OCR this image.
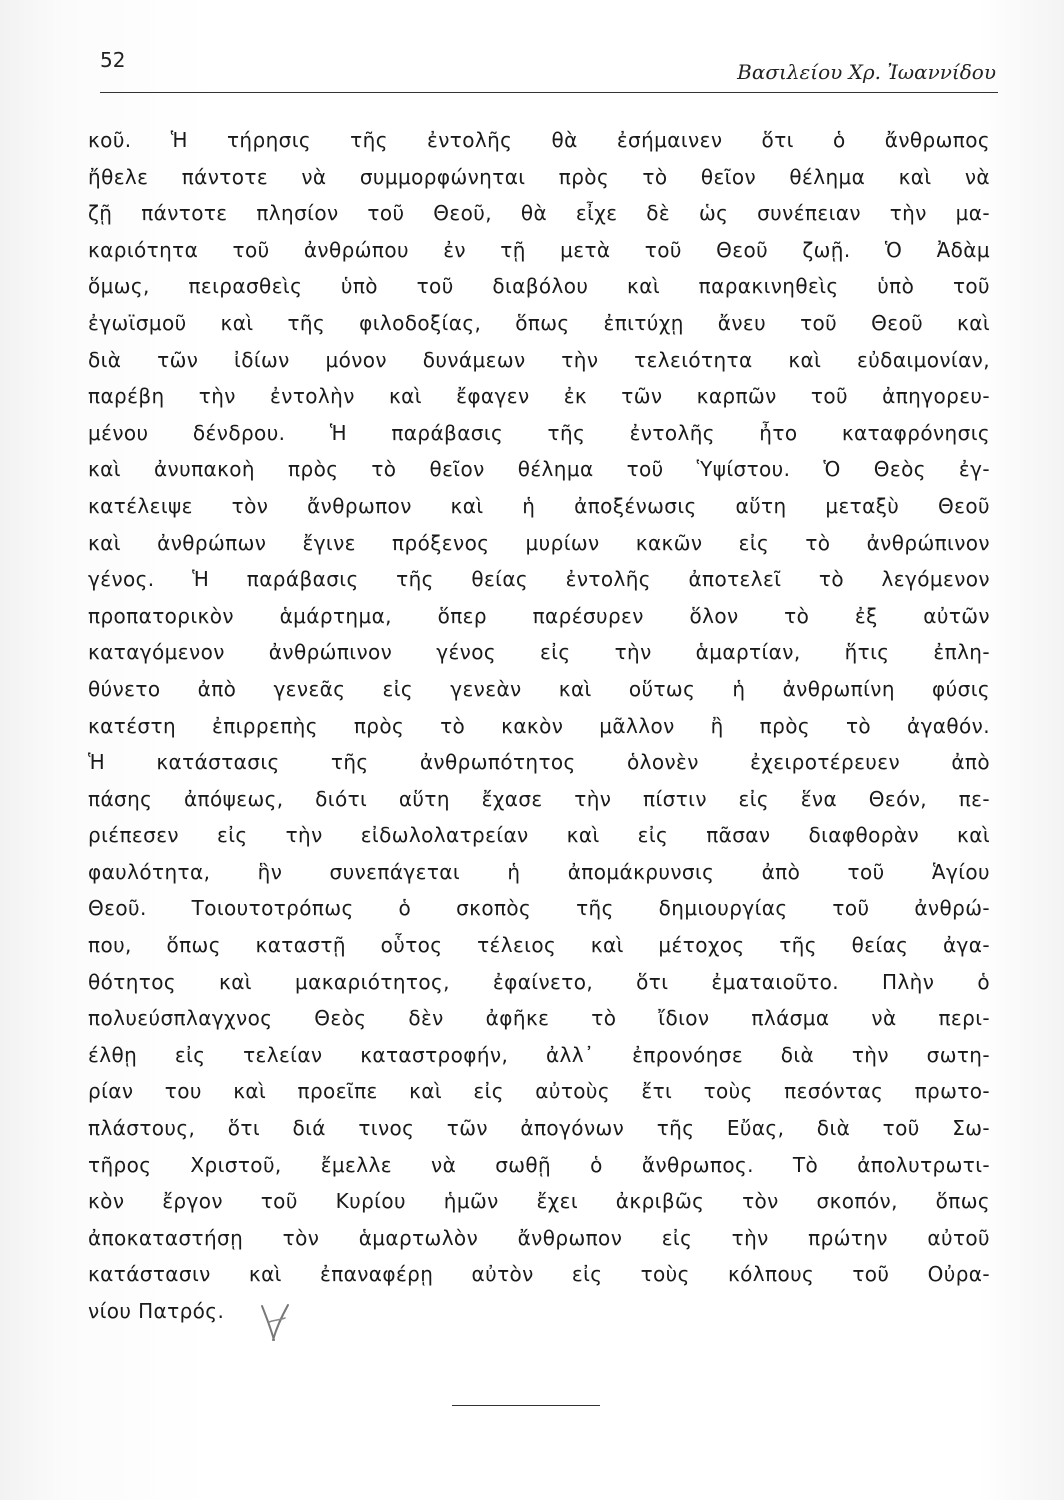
52	Βασιλείου Χρ. Ἰωαννίδου
κοῦ. Ἡ τήρησις τῆς ἐντολῆς θὰ ἐσήμαινεν ὅτι ὁ ἄνθρωπος
ἤθελε πάντοτε νὰ συμμορφώνηται πρὸς τὸ θεῖον θέλημα καὶ νὰ
ζῇ πάντοτε πλησίον τοῦ Θεοῦ, θὰ εἶχε δὲ ὡς συνέπειαν τὴν μα-
καριότητα τοῦ ἀνθρώπου ἐν τῇ μετὰ τοῦ Θεοῦ ζωῇ. Ὁ Ἀδὰμ
ὅμως, πειρασθεὶς ὑπὸ τοῦ διαβόλου καὶ παρακινηθεὶς ὑπὸ τοῦ
ἐγωϊσμοῦ καὶ τῆς φιλοδοξίας, ὅπως ἐπιτύχῃ ἄνευ τοῦ Θεοῦ καὶ
διὰ τῶν ἰδίων μόνον δυνάμεων τὴν τελειότητα καὶ εὐδαιμονίαν,
παρέβη τὴν ἐντολὴν καὶ ἔφαγεν ἐκ τῶν καρπῶν τοῦ ἀπηγορευ-
μένου δένδρου. Ἡ παράβασις τῆς ἐντολῆς ἦτο καταφρόνησις
καὶ ἀνυπακοὴ πρὸς τὸ θεῖον θέλημα τοῦ Ὑψίστου. Ὁ Θεὸς ἐγ-
κατέλειψε τὸν ἄνθρωπον καὶ ἡ ἀποξένωσις αὕτη μεταξὺ Θεοῦ
καὶ ἀνθρώπων ἔγινε πρόξενος μυρίων κακῶν εἰς τὸ ἀνθρώπινον
γένος. Ἡ παράβασις τῆς θείας ἐντολῆς ἀποτελεῖ τὸ λεγόμενον
προπατορικὸν ἁμάρτημα, ὅπερ παρέσυρεν ὅλον τὸ ἐξ αὐτῶν
καταγόμενον ἀνθρώπινον γένος εἰς τὴν ἁμαρτίαν, ἥτις ἐπλη-
θύνετο ἀπὸ γενεᾶς εἰς γενεὰν καὶ οὕτως ἡ ἀνθρωπίνη φύσις
κατέστη ἐπιρρεπὴς πρὸς τὸ κακὸν μᾶλλον ἢ πρὸς τὸ ἀγαθόν.
Ἡ κατάστασις τῆς ἀνθρωπότητος ὁλονὲν ἐχειροτέρευεν ἀπὸ
πάσης ἀπόψεως, διότι αὕτη ἔχασε τὴν πίστιν εἰς ἕνα Θεόν, πε-
ριέπεσεν εἰς τὴν εἰδωλολατρείαν καὶ εἰς πᾶσαν διαφθορὰν καὶ
φαυλότητα, ἣν συνεπάγεται ἡ ἀπομάκρυνσις ἀπὸ τοῦ Ἁγίου
Θεοῦ. Τοιουτοτρόπως ὁ σκοπὸς τῆς δημιουργίας τοῦ ἀνθρώ-
που, ὅπως καταστῇ οὗτος τέλειος καὶ μέτοχος τῆς θείας ἀγα-
θότητος καὶ μακαριότητος, ἐφαίνετο, ὅτι ἐματαιοῦτο. Πλὴν ὁ
πολυεύσπλαγχνος Θεὸς δὲν ἀφῆκε τὸ ἴδιον πλάσμα νὰ περι-
έλθῃ εἰς τελείαν καταστροφήν, ἀλλ᾿ ἐπρονόησε διὰ τὴν σωτη-
ρίαν του καὶ προεῖπε καὶ εἰς αὐτοὺς ἔτι τοὺς πεσόντας πρωτο-
πλάστους, ὅτι διά τινος τῶν ἀπογόνων τῆς Εὔας, διὰ τοῦ Σω-
τῆρος Χριστοῦ, ἔμελλε νὰ σωθῇ ὁ ἄνθρωπος. Τὸ ἀπολυτρωτι-
κὸν ἔργον τοῦ Κυρίου ἡμῶν ἔχει ἀκριβῶς τὸν σκοπόν, ὅπως
ἀποκαταστήσῃ τὸν ἁμαρτωλὸν ἄνθρωπον εἰς τὴν πρώτην αὐτοῦ
κατάστασιν καὶ ἐπαναφέρῃ αὐτὸν εἰς τοὺς κόλπους τοῦ Οὐρα-
νίου Πατρός.
